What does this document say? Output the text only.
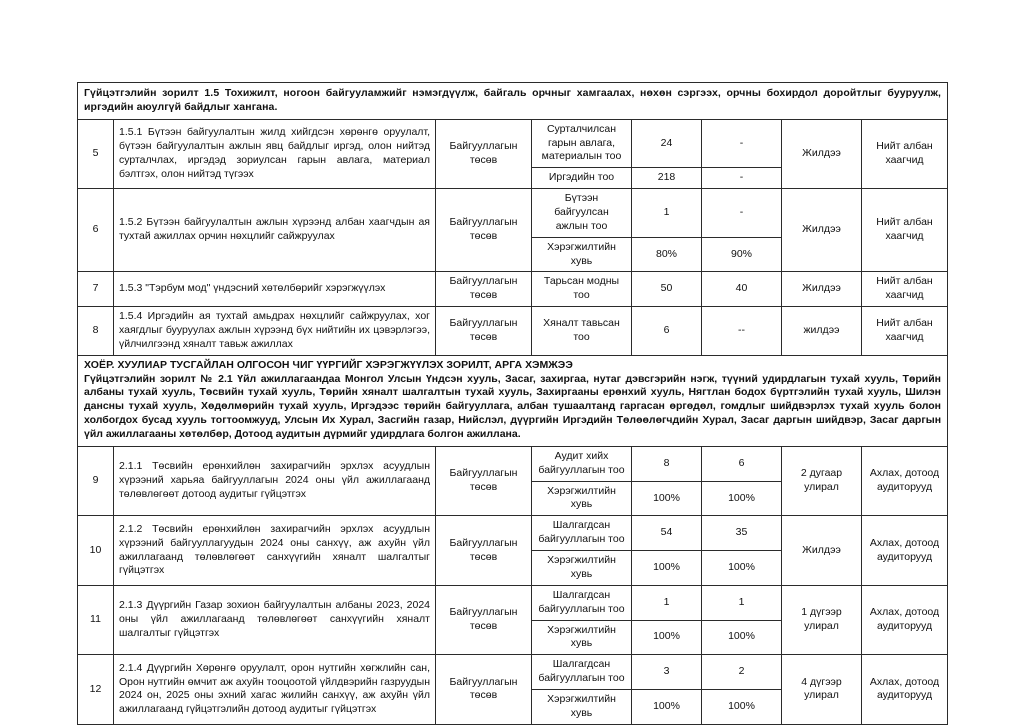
Гүйцэтгэлийн зорилт 1.5 Тохижилт, ногоон байгууламжийг нэмэгдүүлж, байгаль орчныг хамгаалах, нөхөн сэргээх, орчны бохирдол доройтлыг бууруулж, иргэдийн аюулгүй байдлыг хангана.							
5	1.5.1 Бүтээн байгуулалтын жилд хийгдсэн хөрөнгө оруулалт, бүтээн байгуулалтын ажлын явц байдлыг иргэд, олон нийтэд сурталчлах, иргэдэд зориулсан гарын авлага, материал бэлтгэх, олон нийтэд түгээх	Байгууллагын төсөв	Сурталчилсан гарын авлага, материалын тоо	24	-	Жилдээ	Нийт албан хаагчид
			Иргэдийн тоо	218	-		
6	1.5.2 Бүтээн байгуулалтын ажлын хүрээнд албан хаагчдын ая тухтай ажиллах орчин нөхцлийг сайжруулах	Байгууллагын төсөв	Бүтээн байгуулсан ажлын тоо	1	-	Жилдээ	Нийт албан хаагчид
			Хэрэгжилтийн хувь	80%	90%		
7	1.5.3 "Тэрбум мод" үндэсний хөтөлбөрийг хэрэгжүүлэх	Байгууллагын төсөв	Тарьсан модны тоо	50	40	Жилдээ	Нийт албан хаагчид
8	1.5.4 Иргэдийн ая тухтай амьдрах нөхцлийг сайжруулах, хог хаягдлыг бууруулах ажлын хүрээнд бүх нийтийн их цэвэрлэгээ, үйлчилгээнд хяналт тавьж ажиллах	Байгууллагын төсөв	Хяналт тавьсан тоо	6	--	жилдээ	Нийт албан хаагчид

ХОЁР. ХУУЛИАР ТУСГАЙЛАН ОЛГОСОН ЧИГ ҮҮРГИЙГ ХЭРЭГЖҮҮЛЭХ ЗОРИЛТ, АРГА ХЭМЖЭЭ
Гүйцэтгэлийн зорилт № 2.1 Үйл ажиллагаандаа Монгол Улсын Үндсэн хууль, Засаг, захиргаа, нутаг дэвсгэрийн нэгж, түүний удирдлагын тухай хууль, Төрийн албаны тухай хууль, Төсвийн тухай хууль, Төрийн хяналт шалгалтын тухай хууль, Захиргааны ерөнхий хууль, Нягтлан бодох бүртгэлийн тухай хууль, Шилэн дансны тухай хууль, Хөдөлмөрийн тухай хууль, Иргэдээс төрийн байгууллага, албан тушаалтанд гаргасан өргөдөл, гомдлыг шийдвэрлэх тухай хууль болон холбогдох бусад хууль тогтоомжууд, Улсын Их Хурал, Засгийн газар, Нийслэл, дүүргийн Иргэдийн Төлөөлөгчдийн Хурал, Засаг даргын шийдвэр, Засаг даргын үйл ажиллагааны хөтөлбөр, Дотоод аудитын дүрмийг удирдлага болгон ажиллана.							

9	2.1.1 Төсвийн ерөнхийлөн захирагчийн эрхлэх асуудлын хүрээний харьяа байгууллагын 2024 оны үйл ажиллагаанд төлөвлөгөөт дотоод аудитыг гүйцэтгэх	Байгууллагын төсөв	Аудит хийх байгууллагын тоо	8	6	2 дугаар улирал	Ахлах, дотоод аудиторууд
			Хэрэгжилтийн хувь	100%	100%		
10	2.1.2 Төсвийн ерөнхийлөн захирагчийн эрхлэх асуудлын хүрээний байгууллагуудын 2024 оны санхүү, аж ахуйн үйл ажиллагаанд төлөвлөгөөт санхүүгийн хяналт шалгалтыг гүйцэтгэх	Байгууллагын төсөв	Шалгагдсан байгууллагын тоо	54	35	Жилдээ	Ахлах, дотоод аудиторууд
			Хэрэгжилтийн хувь	100%	100%		
11	2.1.3 Дүүргийн Газар зохион байгуулалтын албаны 2023, 2024 оны үйл ажиллагаанд төлөвлөгөөт санхүүгийн хяналт шалгалтыг гүйцэтгэх	Байгууллагын төсөв	Шалгагдсан байгууллагын тоо	1	1	1 дүгээр улирал	Ахлах, дотоод аудиторууд
			Хэрэгжилтийн хувь	100%	100%		
12	2.1.4 Дүүргийн Хөрөнгө оруулалт, орон нутгийн хөгжлийн сан, Орон нутгийн өмчит аж ахуйн тооцоотой үйлдвэрийн газруудын 2024 он, 2025 оны эхний хагас жилийн санхүү, аж ахуйн үйл ажиллагаанд гүйцэтгэлийн дотоод аудитыг гүйцэтгэх	Байгууллагын төсөв	Шалгагдсан байгууллагын тоо	3	2	4 дүгээр улирал	Ахлах, дотоод аудиторууд
			Хэрэгжилтийн хувь	100%	100%		
